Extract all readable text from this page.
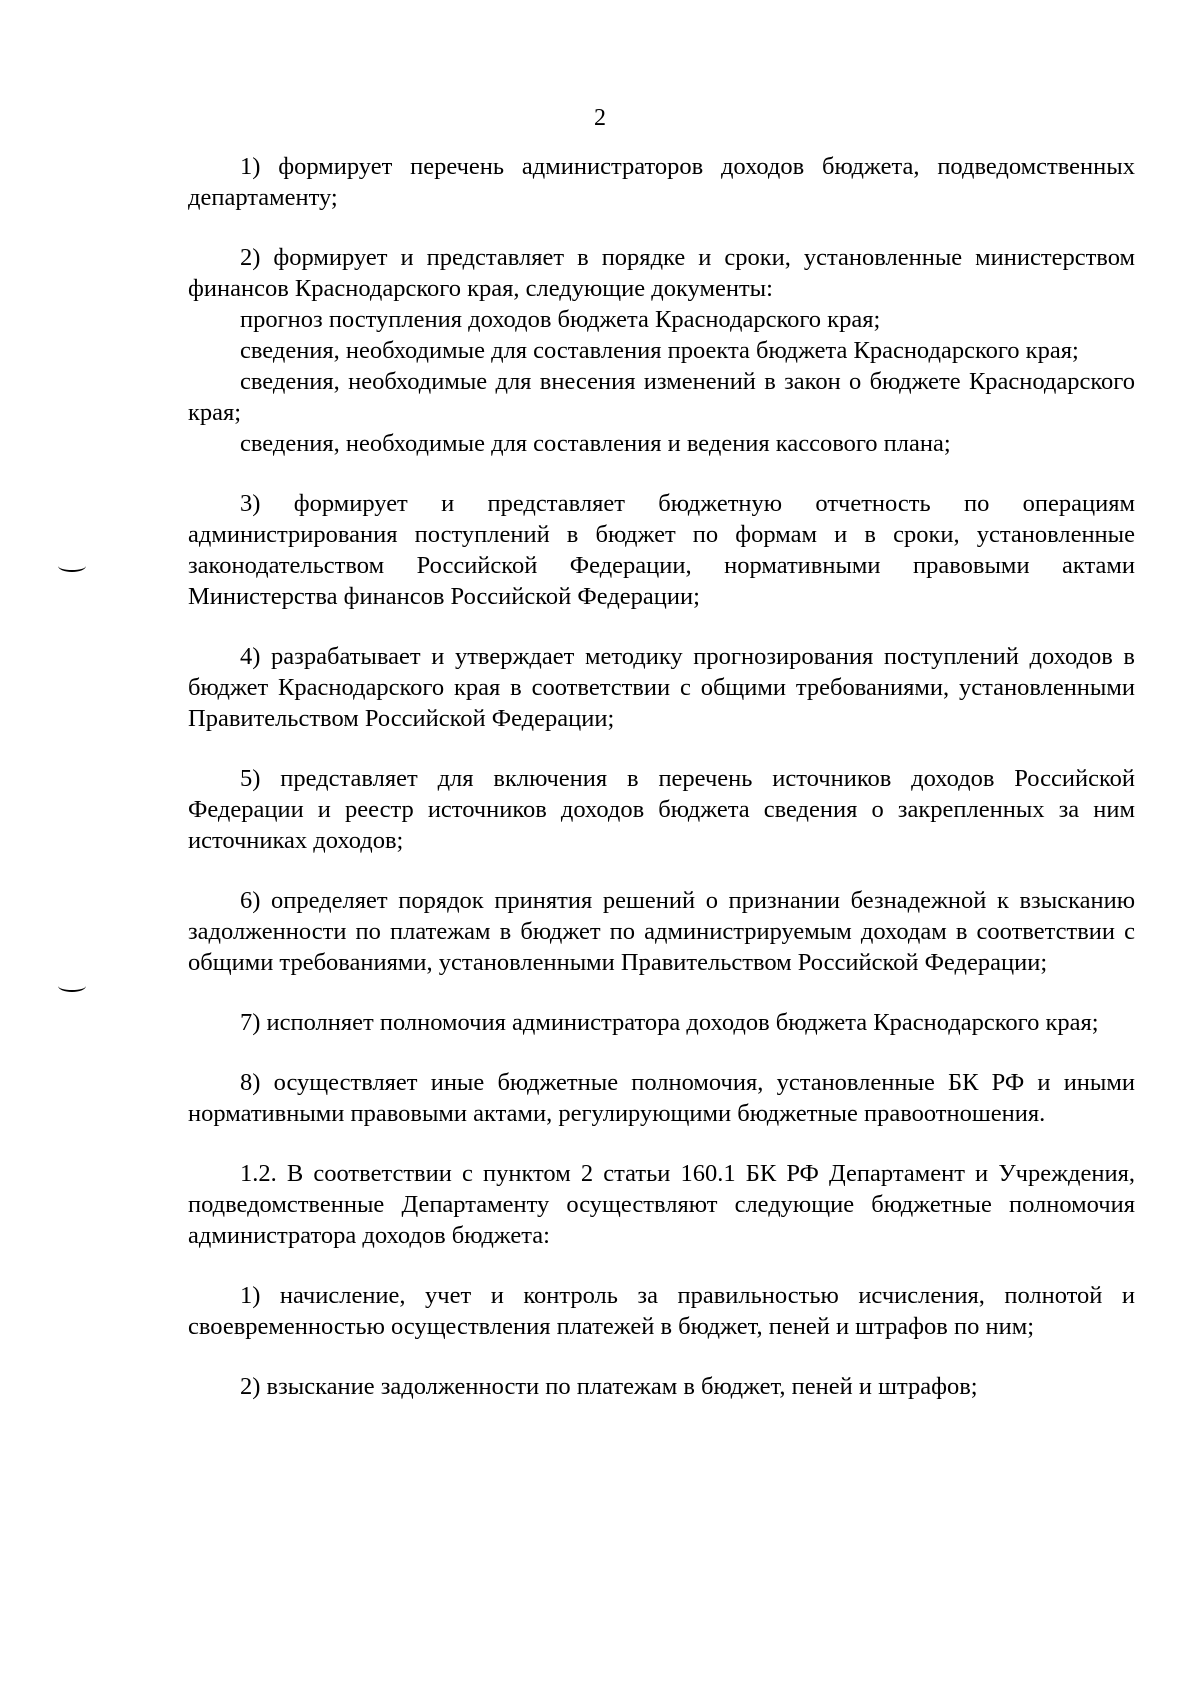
2

1) формирует перечень администраторов доходов бюджета, подведомственных департаменту;

2) формирует и представляет в порядке и сроки, установленные министерством финансов Краснодарского края, следующие документы:

прогноз поступления доходов бюджета Краснодарского края;

сведения, необходимые для составления проекта бюджета Краснодарского края;

сведения, необходимые для внесения изменений в закон о бюджете Краснодарского края;

сведения, необходимые для составления и ведения кассового плана;

3) формирует и представляет бюджетную отчетность по операциям администрирования поступлений в бюджет по формам и в сроки, установленные законодательством Российской Федерации, нормативными правовыми актами Министерства финансов Российской Федерации;

4) разрабатывает и утверждает методику прогнозирования поступлений доходов в бюджет Краснодарского края в соответствии с общими требованиями, установленными Правительством Российской Федерации;

5) представляет для включения в перечень источников доходов Российской Федерации и реестр источников доходов бюджета сведения о закрепленных за ним источниках доходов;

6) определяет порядок принятия решений о признании безнадежной к взысканию задолженности по платежам в бюджет по администрируемым доходам в соответствии с общими требованиями, установленными Правительством Российской Федерации;

7) исполняет полномочия администратора доходов бюджета Краснодарского края;

8) осуществляет иные бюджетные полномочия, установленные БК РФ и иными нормативными правовыми актами, регулирующими бюджетные правоотношения.

1.2. В соответствии с пунктом 2 статьи 160.1 БК РФ Департамент и Учреждения, подведомственные Департаменту осуществляют следующие бюджетные полномочия администратора доходов бюджета:

1) начисление, учет и контроль за правильностью исчисления, полнотой и своевременностью осуществления платежей в бюджет, пеней и штрафов по ним;

2) взыскание задолженности по платежам в бюджет, пеней и штрафов;
